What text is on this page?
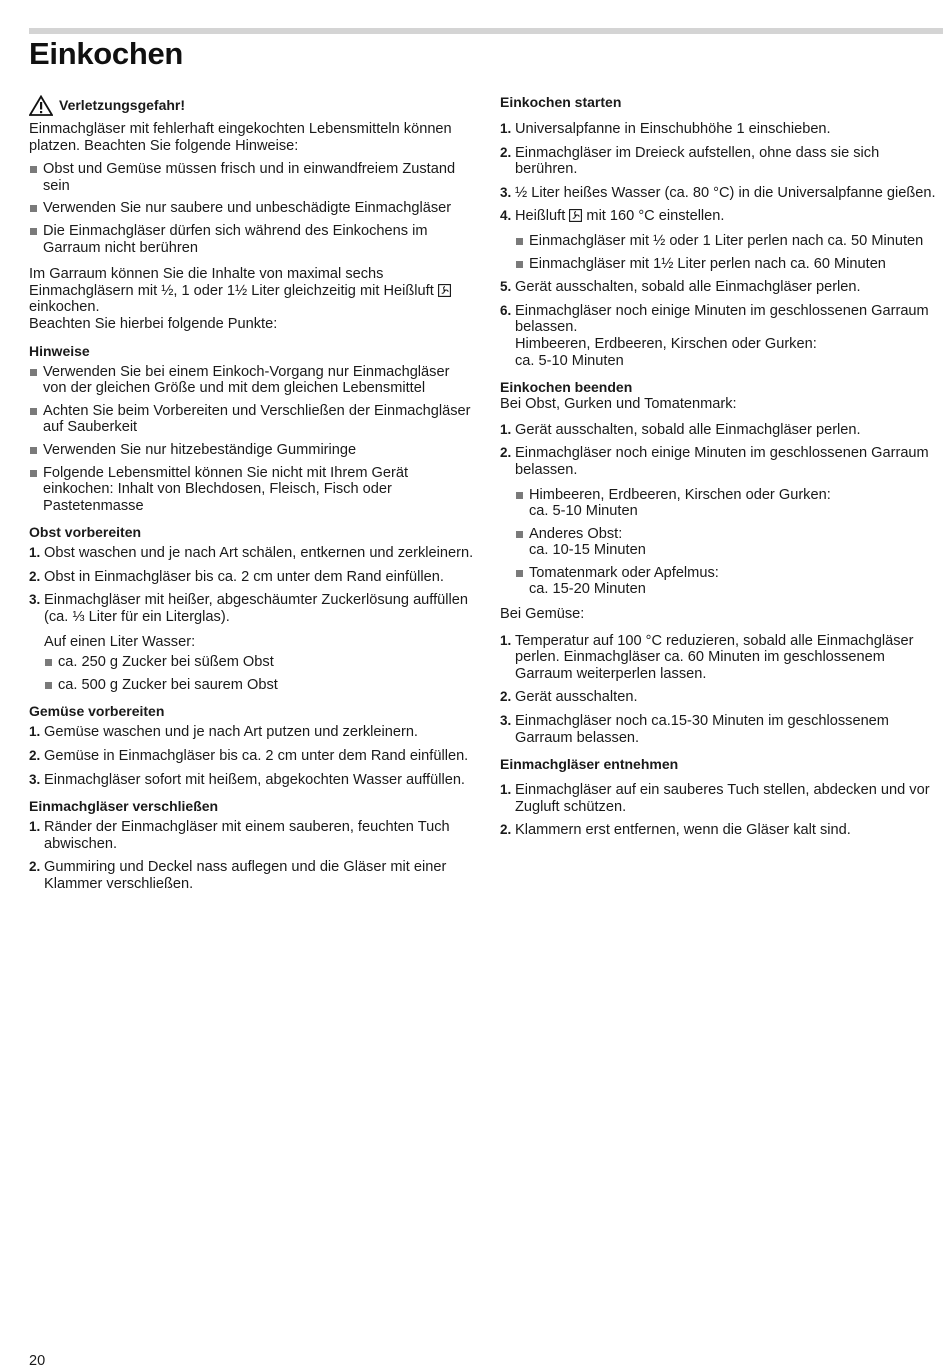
Einkochen
Verletzungsgefahr!

Einmachgläser mit fehlerhaft eingekochten Lebensmitteln können platzen. Beachten Sie folgende Hinweise:

Obst und Gemüse müssen frisch und in einwandfreiem Zustand sein
Verwenden Sie nur saubere und unbeschädigte Einmachgläser
Die Einmachgläser dürfen sich während des Einkochens im Garraum nicht berühren

Im Garraum können Sie die Inhalte von maximal sechs Einmachgläsern mit ½, 1 oder 1½ Liter gleichzeitig mit Heißluft  einkochen.
Beachten Sie hierbei folgende Punkte:

Hinweise
Verwenden Sie bei einem Einkoch-Vorgang nur Einmachgläser von der gleichen Größe und mit dem gleichen Lebensmittel
Achten Sie beim Vorbereiten und Verschließen der Einmachgläser auf Sauberkeit
Verwenden Sie nur hitzebeständige Gummiringe
Folgende Lebensmittel können Sie nicht mit Ihrem Gerät einkochen: Inhalt von Blechdosen, Fleisch, Fisch oder Pastetenmasse
Obst vorbereiten
1. Obst waschen und je nach Art schälen, entkernen und zerkleinern.
2. Obst in Einmachgläser bis ca. 2 cm unter dem Rand einfüllen.
3. Einmachgläser mit heißer, abgeschäumter Zuckerlösung auffüllen (ca. ⅓ Liter für ein Literglas).
Auf einen Liter Wasser:
ca. 250 g Zucker bei süßem Obst
ca. 500 g Zucker bei saurem Obst
Gemüse vorbereiten
1. Gemüse waschen und je nach Art putzen und zerkleinern.
2. Gemüse in Einmachgläser bis ca. 2 cm unter dem Rand einfüllen.
3. Einmachgläser sofort mit heißem, abgekochten Wasser auffüllen.
Einmachgläser verschließen
1. Ränder der Einmachgläser mit einem sauberen, feuchten Tuch abwischen.
2. Gummiring und Deckel nass auflegen und die Gläser mit einer Klammer verschließen.
Einkochen starten
1. Universalpfanne in Einschubhöhe 1 einschieben.
2. Einmachgläser im Dreieck aufstellen, ohne dass sie sich berühren.
3. ½ Liter heißes Wasser (ca. 80 °C) in die Universalpfanne gießen.
4. Heißluft mit 160 °C einstellen.
Einmachgläser mit ½ oder 1 Liter perlen nach ca. 50 Minuten
Einmachgläser mit 1½ Liter perlen nach ca. 60 Minuten
5. Gerät ausschalten, sobald alle Einmachgläser perlen.
6. Einmachgläser noch einige Minuten im geschlossenen Garraum belassen.
Himbeeren, Erdbeeren, Kirschen oder Gurken:
ca. 5-10 Minuten
Einkochen beenden

Bei Obst, Gurken und Tomatenmark:

1. Gerät ausschalten, sobald alle Einmachgläser perlen.
2. Einmachgläser noch einige Minuten im geschlossenen Garraum belassen.
Himbeeren, Erdbeeren, Kirschen oder Gurken:
ca. 5-10 Minuten
Anderes Obst:
ca. 10-15 Minuten
Tomatenmark oder Apfelmus:
ca. 15-20 Minuten

Bei Gemüse:

1. Temperatur auf 100 °C reduzieren, sobald alle Einmachgläser perlen. Einmachgläser ca. 60 Minuten im geschlossenem Garraum weiterperlen lassen.
2. Gerät ausschalten.
3. Einmachgläser noch ca.15-30 Minuten im geschlossenem Garraum belassen.
Einmachgläser entnehmen
1. Einmachgläser auf ein sauberes Tuch stellen, abdecken und vor Zugluft schützen.
2. Klammern erst entfernen, wenn die Gläser kalt sind.
20
